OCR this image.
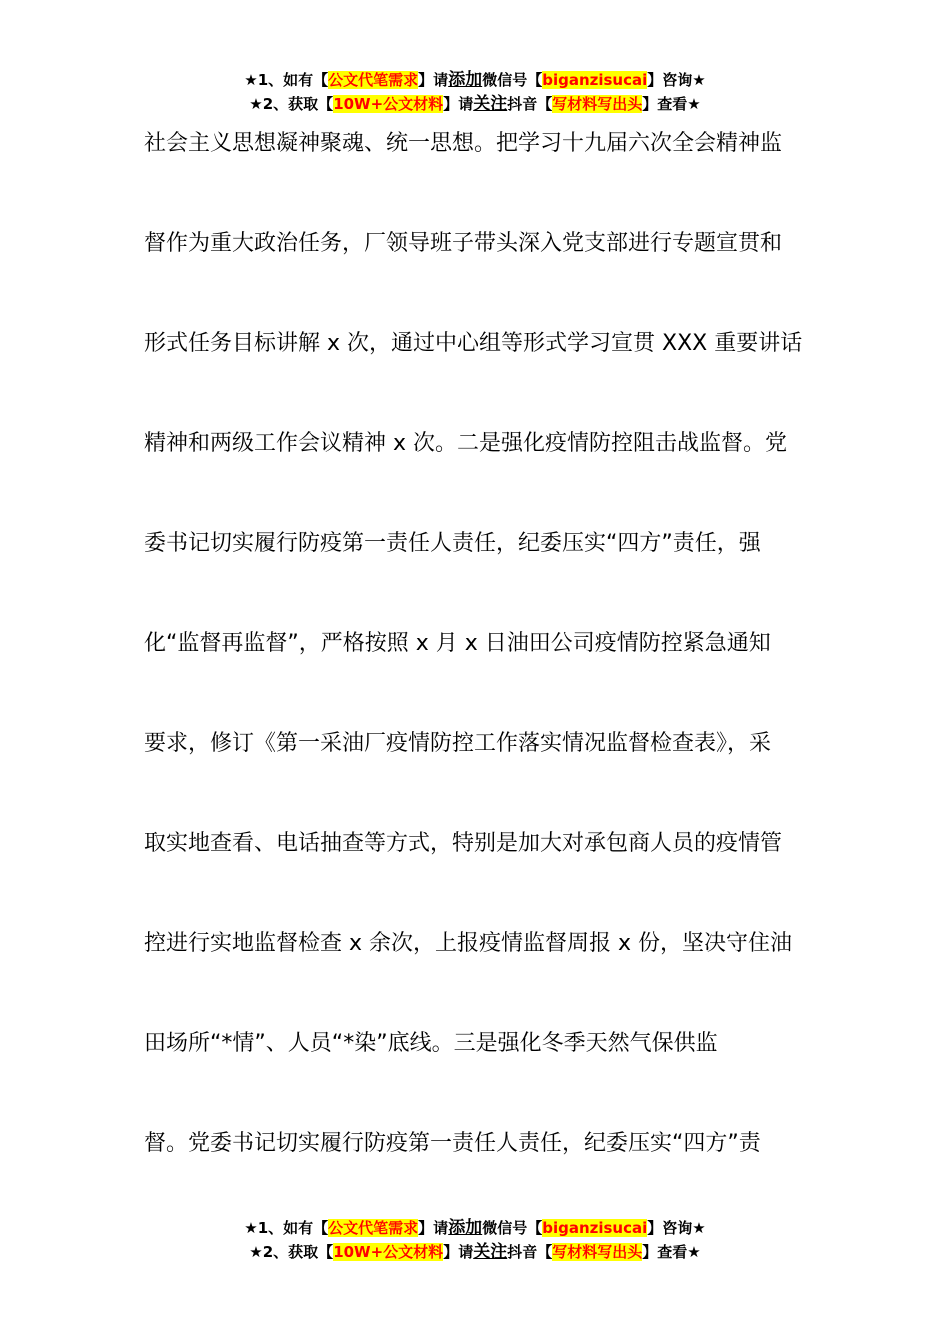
★1、如有【公文代笔需求】请添加微信号【biganzisucai】咨询★
★2、获取【10W+公文材料】请关注抖音【写材料写出头】查看★
社会主义思想凝神聚魂、统一思想。把学习十九届六次全会精神监
督作为重大政治任务，厂领导班子带头深入党支部进行专题宣贯和
形式任务目标讲解 x 次，通过中心组等形式学习宣贯 XXX 重要讲话
精神和两级工作会议精神 x 次。二是强化疫情防控阻击战监督。党
委书记切实履行防疫第一责任人责任，纪委压实“四方”责任，强
化“监督再监督”，严格按照 x 月 x 日油田公司疫情防控紧急通知
要求，修订《第一采油厂疫情防控工作落实情况监督检查表》，采
取实地查看、电话抽查等方式，特别是加大对承包商人员的疫情管
控进行实地监督检查 x 余次，上报疫情监督周报 x 份，坚决守住油
田场所“*情”、人员“*染”底线。三是强化冬季天然气保供监
督。党委书记切实履行防疫第一责任人责任，纪委压实“四方”责
★1、如有【公文代笔需求】请添加微信号【biganzisucai】咨询★
★2、获取【10W+公文材料】请关注抖音【写材料写出头】查看★
